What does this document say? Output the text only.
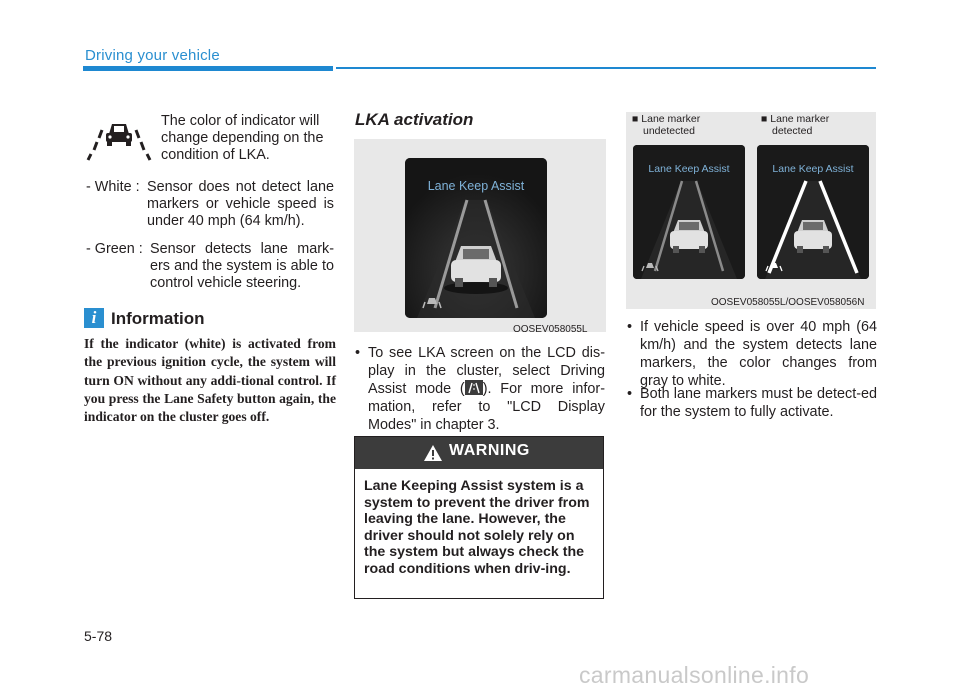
Driving your vehicle
The color of indicator will change depending on the condition of LKA.
- White : Sensor does not detect lane markers or vehicle speed is under 40 mph (64 km/h).
- Green : Sensor detects lane mark-ers and the system is able to control vehicle steering.
i Information
If the indicator (white) is activated from the previous ignition cycle, the system will turn ON without any addi-tional control. If you press the Lane Safety button again, the indicator on the cluster goes off.
LKA activation
Lane Keep Assist
OOSEV058055L
• To see LKA screen on the LCD dis-play in the cluster, select Driving Assist mode ( ). For more infor-mation, refer to "LCD Display Modes" in chapter 3.
WARNING
Lane Keeping Assist system is a system to prevent the driver from leaving the lane. However, the driver should not solely rely on the system but always check the road conditions when driv-ing.
■ Lane marker
undetected
■ Lane marker
detected
Lane Keep Assist	Lane Keep Assist
OOSEV058055L/OOSEV058056N
• If vehicle speed is over 40 mph (64 km/h) and the system detects lane markers, the color changes from gray to white.
• Both lane markers must be detect-ed for the system to fully activate.
5-78
carmanualsonline.info
